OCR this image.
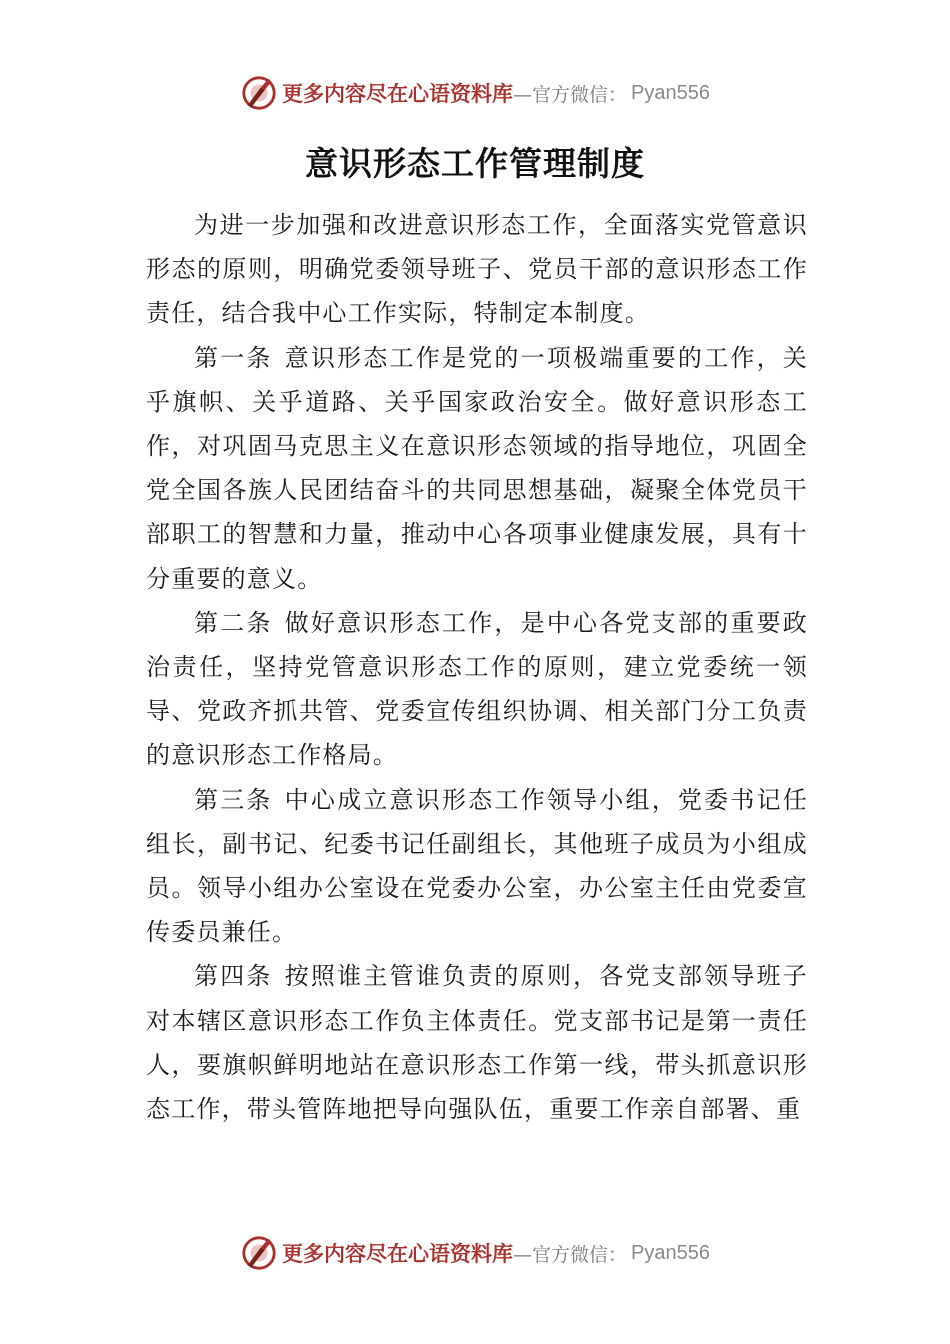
更多内容尽在心语资料库 —官方微信： Pyan556
意识形态工作管理制度

为进一步加强和改进意识形态工作，全面落实党管意识形态的原则，明确党委领导班子、党员干部的意识形态工作责任，结合我中心工作实际，特制定本制度。

第一条 意识形态工作是党的一项极端重要的工作，关乎旗帜、关乎道路、关乎国家政治安全。做好意识形态工作，对巩固马克思主义在意识形态领域的指导地位，巩固全党全国各族人民团结奋斗的共同思想基础，凝聚全体党员干部职工的智慧和力量，推动中心各项事业健康发展，具有十分重要的意义。

第二条 做好意识形态工作，是中心各党支部的重要政治责任，坚持党管意识形态工作的原则，建立党委统一领导、党政齐抓共管、党委宣传组织协调、相关部门分工负责的意识形态工作格局。

第三条 中心成立意识形态工作领导小组，党委书记任组长，副书记、纪委书记任副组长，其他班子成员为小组成员。领导小组办公室设在党委办公室，办公室主任由党委宣传委员兼任。

第四条 按照谁主管谁负责的原则，各党支部领导班子对本辖区意识形态工作负主体责任。党支部书记是第一责任人，要旗帜鲜明地站在意识形态工作第一线，带头抓意识形态工作，带头管阵地把导向强队伍，重要工作亲自部署、重

更多内容尽在心语资料库 —官方微信： Pyan556
